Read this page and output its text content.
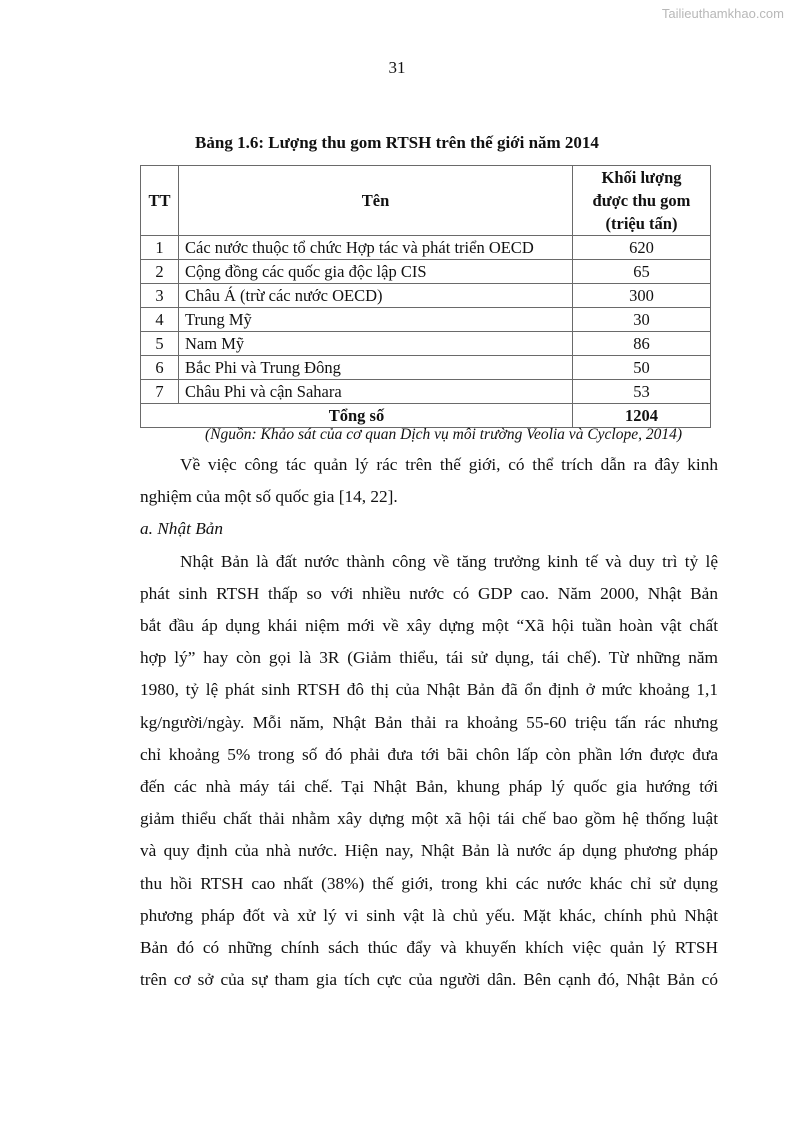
Tailieuthamkhao.com
31
Bảng 1.6: Lượng thu gom RTSH trên thế giới năm 2014
TT	Tên	Khối lượng
được thu gom
(triệu tấn)
1	Các nước thuộc tổ chức Hợp tác và phát triển OECD	620
2	Cộng đồng các quốc gia độc lập CIS	65
3	Châu Á (trừ các nước OECD)	300
4	Trung Mỹ	30
5	Nam Mỹ	86
6	Bắc Phi và Trung Đông	50
7	Châu Phi và cận Sahara	53
Tổng số		1204
(Nguồn: Khảo sát của cơ quan Dịch vụ môi trường Veolia và Cyclope, 2014)

Về việc công tác quản lý rác trên thế giới, có thể trích dẫn ra đây kinh

nghiệm của một số quốc gia [14, 22].

a. Nhật Bản

Nhật Bản là đất nước thành công về tăng trưởng kinh tế và duy trì tỷ lệ

phát sinh RTSH thấp so với nhiều nước có GDP cao. Năm 2000, Nhật Bản

bắt đầu áp dụng khái niệm mới về xây dựng một “Xã hội tuần hoàn vật chất

hợp lý” hay còn gọi là 3R (Giảm thiểu, tái sử dụng, tái chế). Từ những năm

1980, tỷ lệ phát sinh RTSH đô thị của Nhật Bản đã ổn định ở mức khoảng 1,1

kg/người/ngày. Mỗi năm, Nhật Bản thải ra khoảng 55-60 triệu tấn rác nhưng

chỉ khoảng 5% trong số đó phải đưa tới bãi chôn lấp còn phần lớn được đưa

đến các nhà máy tái chế. Tại Nhật Bản, khung pháp lý quốc gia hướng tới

giảm thiểu chất thải nhằm xây dựng một xã hội tái chế bao gồm hệ thống luật

và quy định của nhà nước. Hiện nay, Nhật Bản là nước áp dụng phương pháp

thu hồi RTSH cao nhất (38%) thế giới, trong khi các nước khác chỉ sử dụng

phương pháp đốt và xử lý vi sinh vật là chủ yếu. Mặt khác, chính phủ Nhật

Bản đó có những chính sách thúc đẩy và khuyến khích việc quản lý RTSH

trên cơ sở của sự tham gia tích cực của người dân. Bên cạnh đó, Nhật Bản có
